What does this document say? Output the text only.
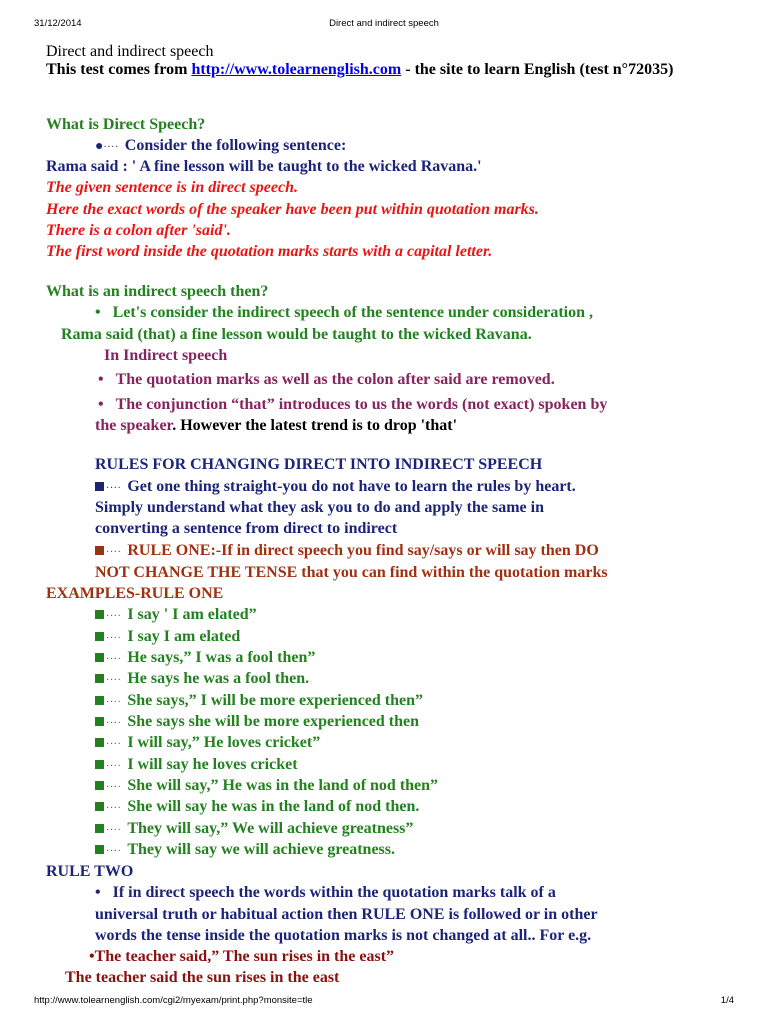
31/12/2014	Direct and indirect speech
Direct and indirect speech
This test comes from http://www.tolearnenglish.com - the site to learn English (test n°72035)
What is Direct Speech?
●···· Consider the following sentence:
Rama said : ' A fine lesson will be taught to the wicked Ravana.'
The given sentence is in direct speech.
Here the exact words of the speaker have been put within quotation marks.
There is a colon after 'said'.
The first word inside the quotation marks starts with a capital letter.
What is an indirect speech then?
• Let's consider the indirect speech of the sentence under consideration ,
Rama said (that) a fine lesson would be taught to the wicked Ravana.
In Indirect speech
• The quotation marks as well as the colon after said are removed.
• The conjunction “that” introduces to us the words (not exact) spoken by
the speaker. However the latest trend is to drop 'that'
RULES FOR CHANGING DIRECT INTO INDIRECT SPEECH
···· Get one thing straight-you do not have to learn the rules by heart.
Simply understand what they ask you to do and apply the same in
converting a sentence from direct to indirect
···· RULE ONE:-If in direct speech you find say/says or will say then DO
NOT CHANGE THE TENSE that you can find within the quotation marks
EXAMPLES-RULE ONE
···· I say ' I am elated”
···· I say I am elated
···· He says,” I was a fool then”
···· He says he was a fool then.
···· She says,” I will be more experienced then”
···· She says she will be more experienced then
···· I will say,” He loves cricket”
···· I will say he loves cricket
···· She will say,” He was in the land of nod then”
···· She will say he was in the land of nod then.
···· They will say,” We will achieve greatness”
···· They will say we will achieve greatness.
RULE TWO
• If in direct speech the words within the quotation marks talk of a
universal truth or habitual action then RULE ONE is followed or in other
words the tense inside the quotation marks is not changed at all.. For e.g.
•The teacher said,” The sun rises in the east”
The teacher said the sun rises in the east
http://www.tolearnenglish.com/cgi2/myexam/print.php?monsite=tle	1/4
